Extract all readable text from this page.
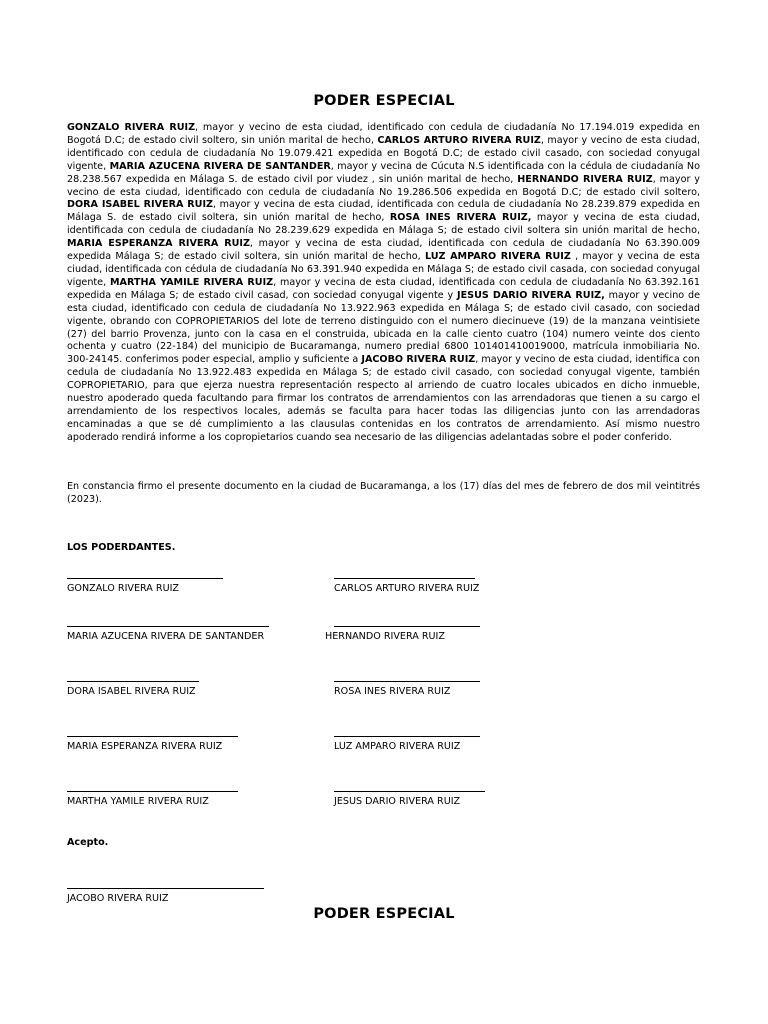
PODER ESPECIAL
GONZALO RIVERA RUIZ, mayor y vecino de esta ciudad, identificado con cedula de ciudadanía No 17.194.019 expedida en Bogotá D.C; de estado civil soltero, sin unión marital de hecho, CARLOS ARTURO RIVERA RUIZ, mayor y vecino de esta ciudad, identificado con cedula de ciudadanía No 19.079.421 expedida en Bogotá D.C; de estado civil casado, con sociedad conyugal vigente, MARIA AZUCENA RIVERA DE SANTANDER, mayor y vecina de Cúcuta N.S identificada con la cédula de ciudadanía No 28.238.567 expedida en Málaga S. de estado civil por viudez , sin unión marital de hecho, HERNANDO RIVERA RUIZ, mayor y vecino de esta ciudad, identificado con cedula de ciudadanía No 19.286.506 expedida en Bogotá D.C; de estado civil soltero, DORA ISABEL RIVERA RUIZ, mayor y vecina de esta ciudad, identificada con cedula de ciudadanía No 28.239.879 expedida en Málaga S. de estado civil soltera, sin unión marital de hecho, ROSA INES RIVERA RUIZ, mayor y vecina de esta ciudad, identificada con cedula de ciudadanía No 28.239.629 expedida en Málaga S; de estado civil soltera sin unión marital de hecho, MARIA ESPERANZA RIVERA RUIZ, mayor y vecina de esta ciudad, identificada con cedula de ciudadanía No 63.390.009 expedida Málaga S; de estado civil soltera, sin unión marital de hecho, LUZ AMPARO RIVERA RUIZ , mayor y vecina de esta ciudad, identificada con cédula de ciudadanía No 63.391.940 expedida en Málaga S; de estado civil casada, con sociedad conyugal vigente, MARTHA YAMILE RIVERA RUIZ, mayor y vecina de esta ciudad, identificada con cedula de ciudadanía No 63.392.161 expedida en Málaga S; de estado civil casad, con sociedad conyugal vigente y JESUS DARIO RIVERA RUIZ, mayor y vecino de esta ciudad, identificado con cedula de ciudadanía No 13.922.963 expedida en Málaga S; de estado civil casado, con sociedad vigente, obrando con COPROPIETARIOS del lote de terreno distinguido con el numero diecinueve (19) de la manzana veintisiete (27) del barrio Provenza, junto con la casa en el construida, ubicada en la calle ciento cuatro (104) numero veinte dos ciento ochenta y cuatro (22-184) del municipio de Bucaramanga, numero predial 6800 101401410019000, matrícula inmobiliaria No. 300-24145. conferimos poder especial, amplio y suficiente a JACOBO RIVERA RUIZ, mayor y vecino de esta ciudad, identifica con cedula de ciudadanía No 13.922.483 expedida en Málaga S; de estado civil casado, con sociedad conyugal vigente, también COPROPIETARIO, para que ejerza nuestra representación respecto al arriendo de cuatro locales ubicados en dicho inmueble, nuestro apoderado queda facultando para firmar los contratos de arrendamientos con las arrendadoras que tienen a su cargo el arrendamiento de los respectivos locales, además se faculta para hacer todas las diligencias junto con las arrendadoras encaminadas a que se dé cumplimiento a las clausulas contenidas en los contratos de arrendamiento. Así mismo nuestro apoderado rendirá informe a los copropietarios cuando sea necesario de las diligencias adelantadas sobre el poder conferido.
En constancia firmo el presente documento en la ciudad de Bucaramanga, a los (17) días del mes de febrero de dos mil veintitrés (2023).
LOS PODERDANTES.
GONZALO RIVERA RUIZ	CARLOS ARTURO RIVERA RUIZ
MARIA AZUCENA RIVERA DE SANTANDER	HERNANDO RIVERA RUIZ
DORA ISABEL RIVERA RUIZ	ROSA INES RIVERA RUIZ
MARIA ESPERANZA RIVERA RUIZ	LUZ AMPARO RIVERA RUIZ
MARTHA YAMILE RIVERA RUIZ	JESUS DARIO RIVERA RUIZ
Acepto.
JACOBO RIVERA RUIZ
PODER ESPECIAL
